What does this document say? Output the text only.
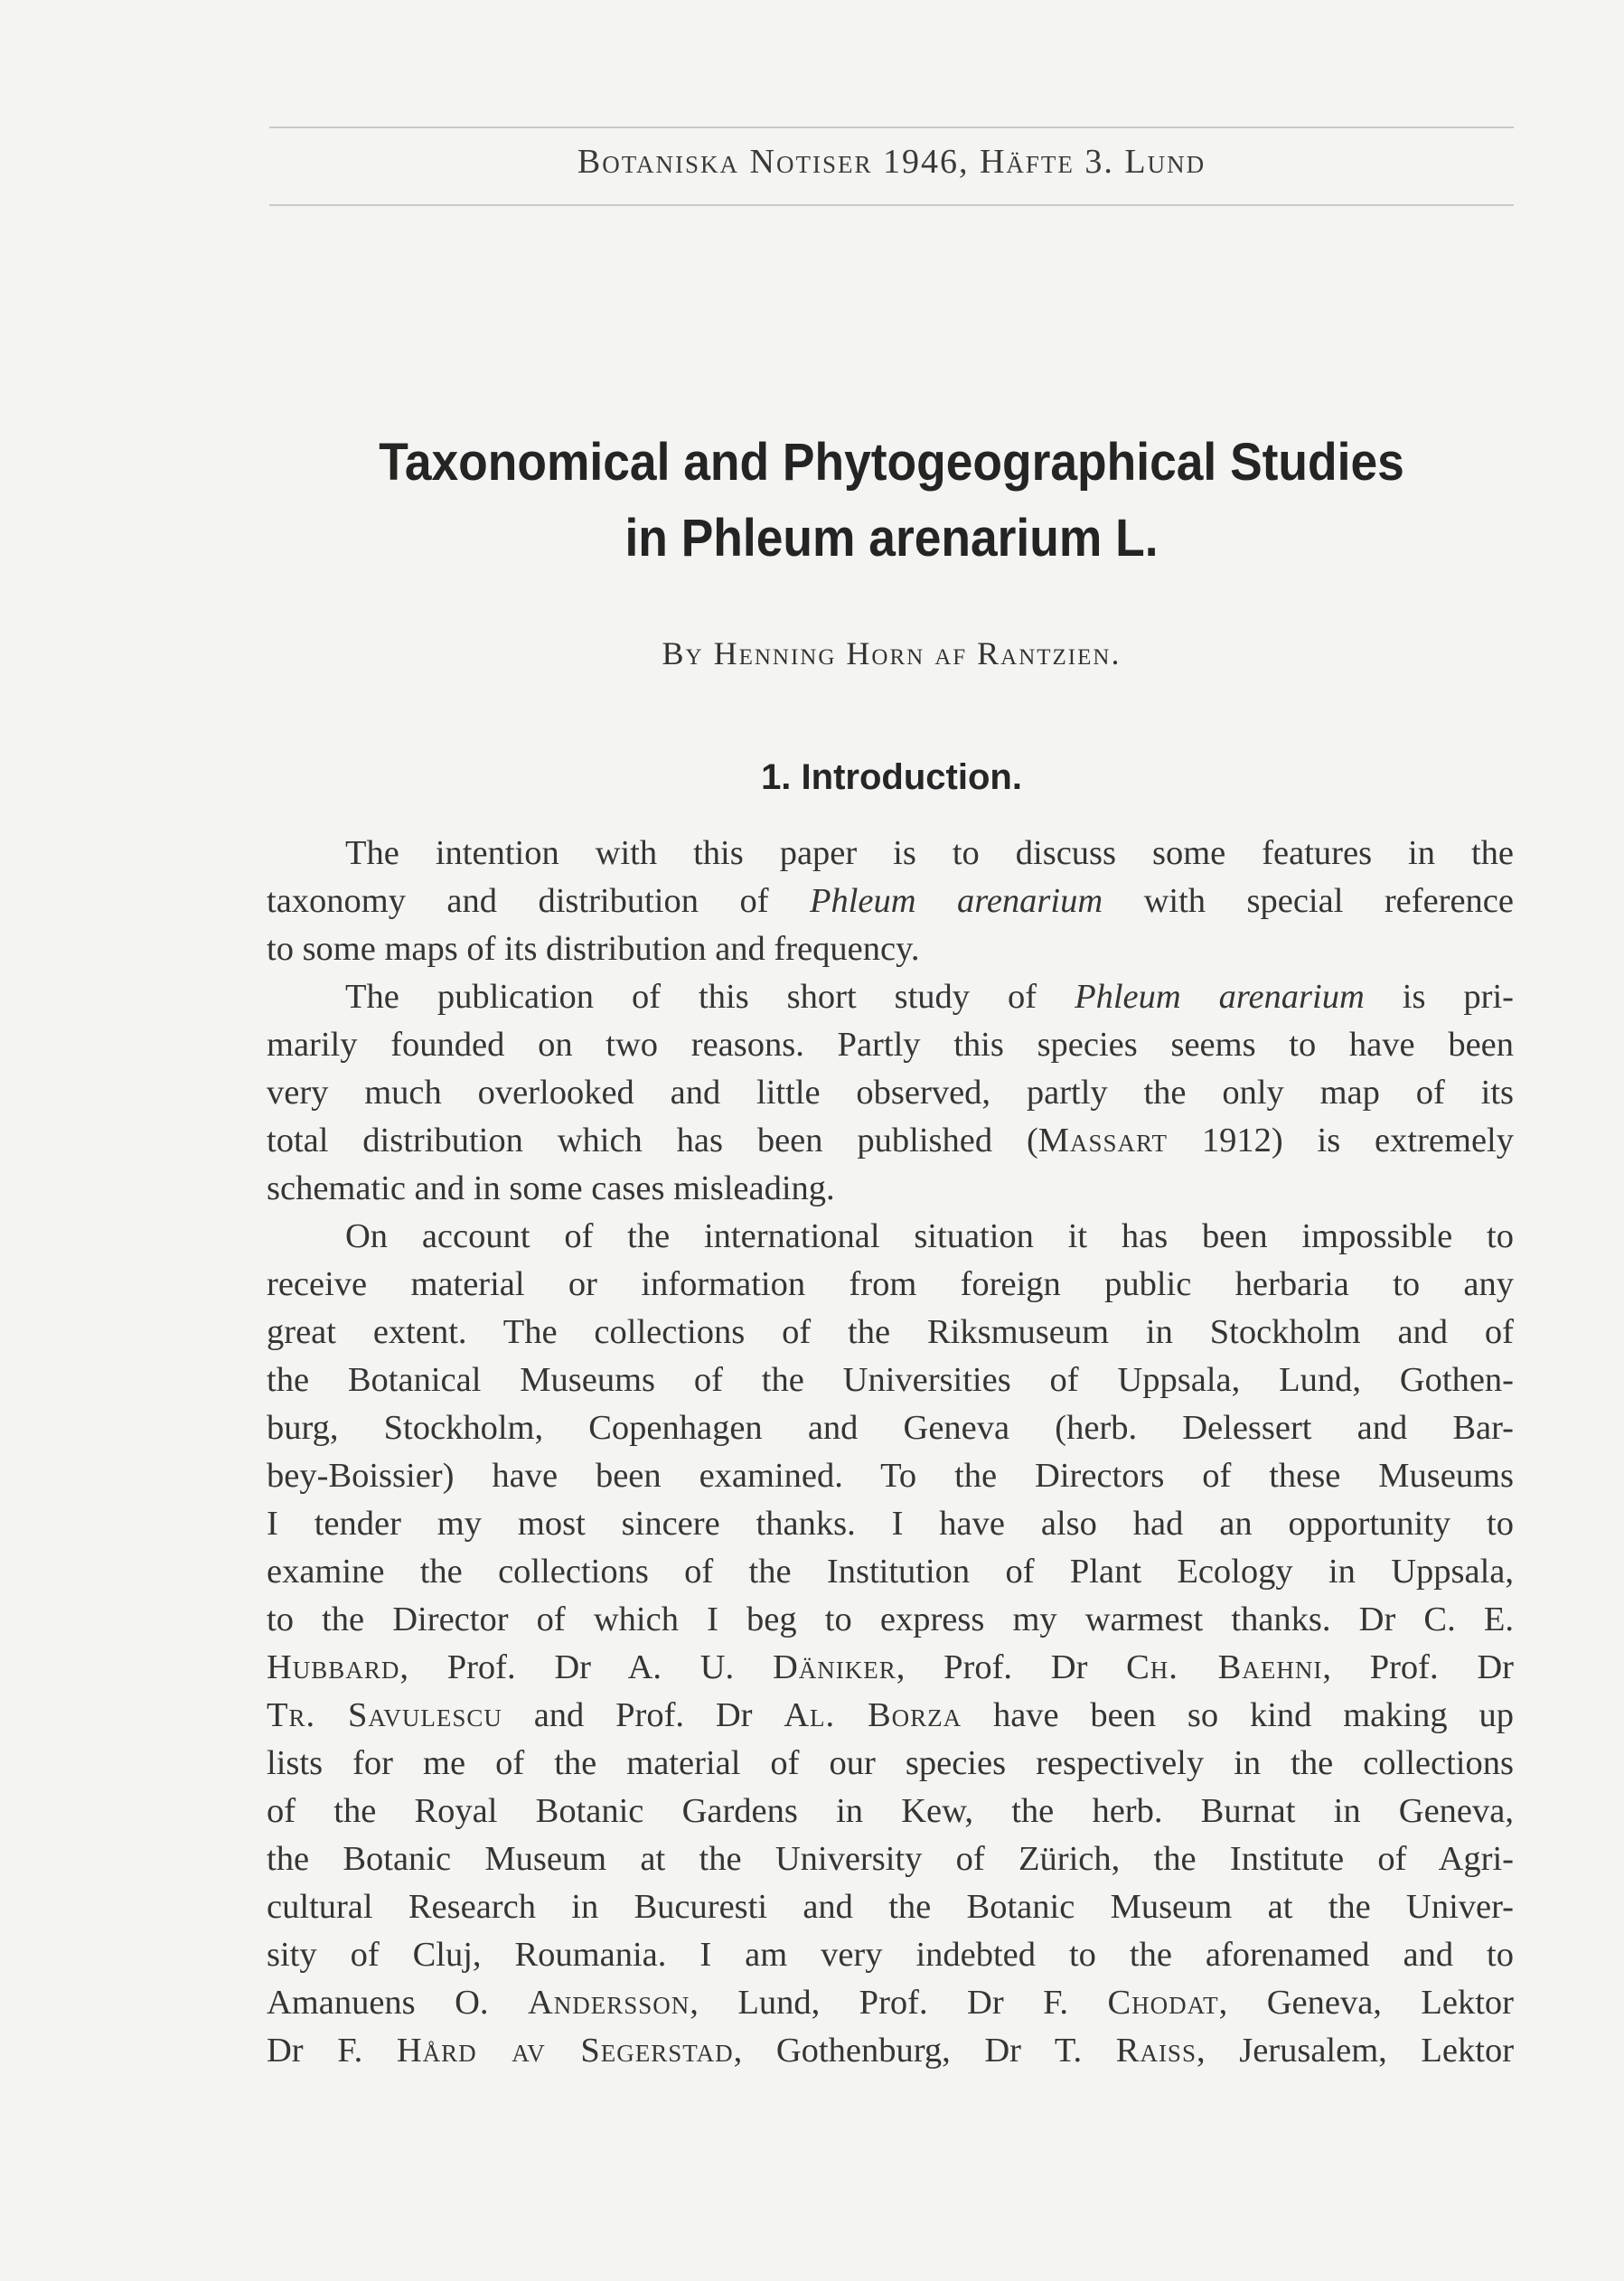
Botaniska Notiser 1946, Häfte 3. Lund
Taxonomical and Phytogeographical Studies
in Phleum arenarium L.
By Henning Horn af Rantzien.
1. Introduction.
The intention with this paper is to discuss some features in the
taxonomy and distribution of Phleum arenarium with special reference
to some maps of its distribution and frequency.
The publication of this short study of Phleum arenarium is pri-
marily founded on two reasons. Partly this species seems to have been
very much overlooked and little observed, partly the only map of its
total distribution which has been published (Massart 1912) is extremely
schematic and in some cases misleading.
On account of the international situation it has been impossible to
receive material or information from foreign public herbaria to any
great extent. The collections of the Riksmuseum in Stockholm and of
the Botanical Museums of the Universities of Uppsala, Lund, Gothen-
burg, Stockholm, Copenhagen and Geneva (herb. Delessert and Bar-
bey-Boissier) have been examined. To the Directors of these Museums
I tender my most sincere thanks. I have also had an opportunity to
examine the collections of the Institution of Plant Ecology in Uppsala,
to the Director of which I beg to express my warmest thanks. Dr C. E.
Hubbard, Prof. Dr A. U. Däniker, Prof. Dr Ch. Baehni, Prof. Dr
Tr. Savulescu and Prof. Dr Al. Borza have been so kind making up
lists for me of the material of our species respectively in the collections
of the Royal Botanic Gardens in Kew, the herb. Burnat in Geneva,
the Botanic Museum at the University of Zürich, the Institute of Agri-
cultural Research in Bucuresti and the Botanic Museum at the Univer-
sity of Cluj, Roumania. I am very indebted to the aforenamed and to
Amanuens O. Andersson, Lund, Prof. Dr F. Chodat, Geneva, Lektor
Dr F. Hård av Segerstad, Gothenburg, Dr T. Raiss, Jerusalem, Lektor
